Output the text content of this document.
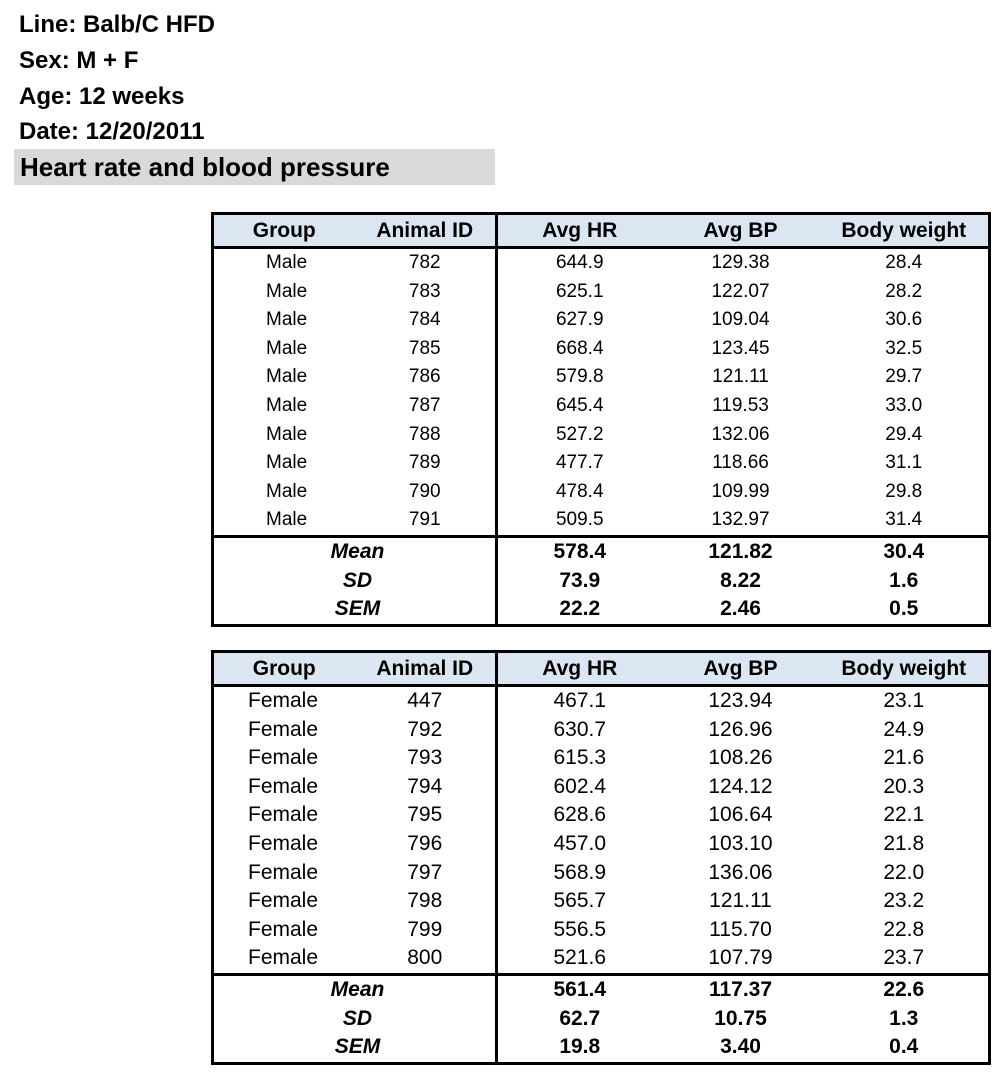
Line: Balb/C HFD
Sex: M + F
Age: 12 weeks
Date: 12/20/2011
Heart rate and blood pressure
Group	Animal ID	Avg HR	Avg BP	Body weight
Male	782	644.9	129.38	28.4
Male	783	625.1	122.07	28.2
Male	784	627.9	109.04	30.6
Male	785	668.4	123.45	32.5
Male	786	579.8	121.11	29.7
Male	787	645.4	119.53	33.0
Male	788	527.2	132.06	29.4
Male	789	477.7	118.66	31.1
Male	790	478.4	109.99	29.8
Male	791	509.5	132.97	31.4
Mean		578.4	121.82	30.4
SD		73.9	8.22	1.6
SEM		22.2	2.46	0.5
Group	Animal ID	Avg HR	Avg BP	Body weight
Female	447	467.1	123.94	23.1
Female	792	630.7	126.96	24.9
Female	793	615.3	108.26	21.6
Female	794	602.4	124.12	20.3
Female	795	628.6	106.64	22.1
Female	796	457.0	103.10	21.8
Female	797	568.9	136.06	22.0
Female	798	565.7	121.11	23.2
Female	799	556.5	115.70	22.8
Female	800	521.6	107.79	23.7
Mean		561.4	117.37	22.6
SD		62.7	10.75	1.3
SEM		19.8	3.40	0.4
